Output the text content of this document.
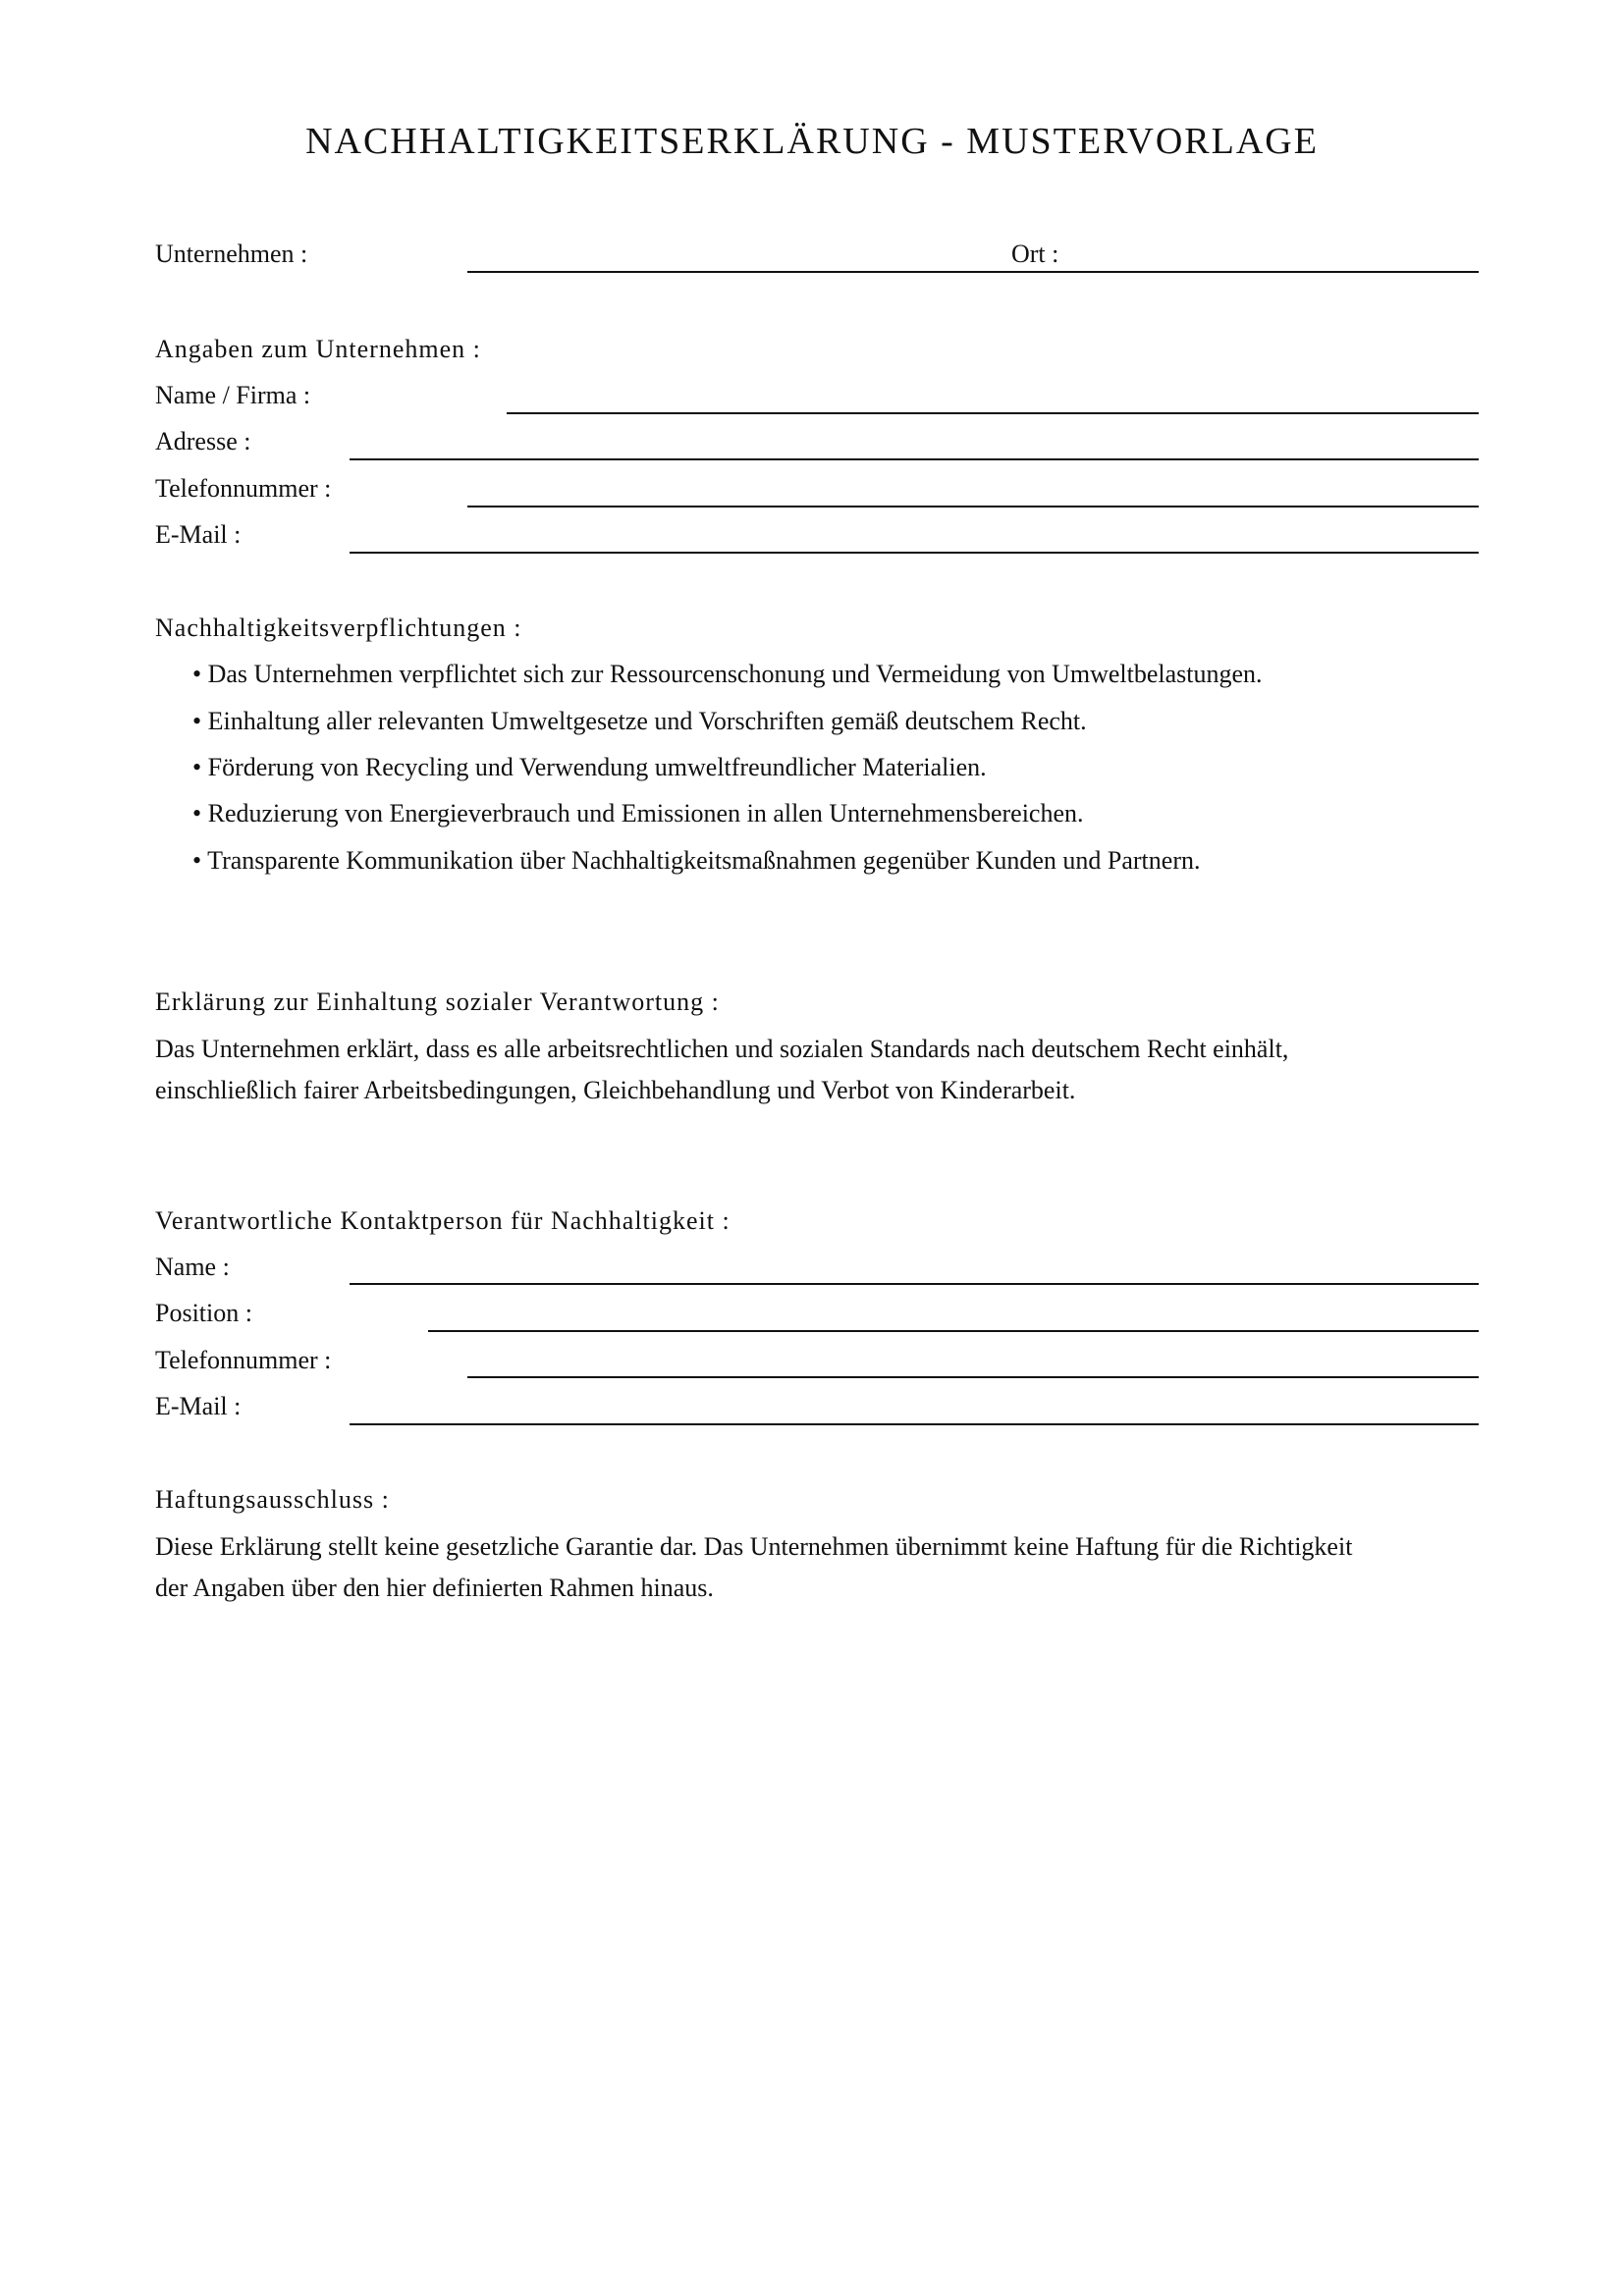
NACHHALTIGKEITSERKLÄRUNG - MUSTERVORLAGE
Unternehmen :	Ort :
Angaben zum Unternehmen :
Name / Firma :
Adresse :
Telefonnummer :
E-Mail :
Nachhaltigkeitsverpflichtungen :
• Das Unternehmen verpflichtet sich zur Ressourcenschonung und Vermeidung von Umweltbelastungen.
• Einhaltung aller relevanten Umweltgesetze und Vorschriften gemäß deutschem Recht.
• Förderung von Recycling und Verwendung umweltfreundlicher Materialien.
• Reduzierung von Energieverbrauch und Emissionen in allen Unternehmensbereichen.
• Transparente Kommunikation über Nachhaltigkeitsmaßnahmen gegenüber Kunden und Partnern.
Erklärung zur Einhaltung sozialer Verantwortung :
Das Unternehmen erklärt, dass es alle arbeitsrechtlichen und sozialen Standards nach deutschem Recht einhält,
einschließlich fairer Arbeitsbedingungen, Gleichbehandlung und Verbot von Kinderarbeit.
Verantwortliche Kontaktperson für Nachhaltigkeit :
Name :
Position :
Telefonnummer :
E-Mail :
Haftungsausschluss :
Diese Erklärung stellt keine gesetzliche Garantie dar. Das Unternehmen übernimmt keine Haftung für die Richtigkeit
der Angaben über den hier definierten Rahmen hinaus.
